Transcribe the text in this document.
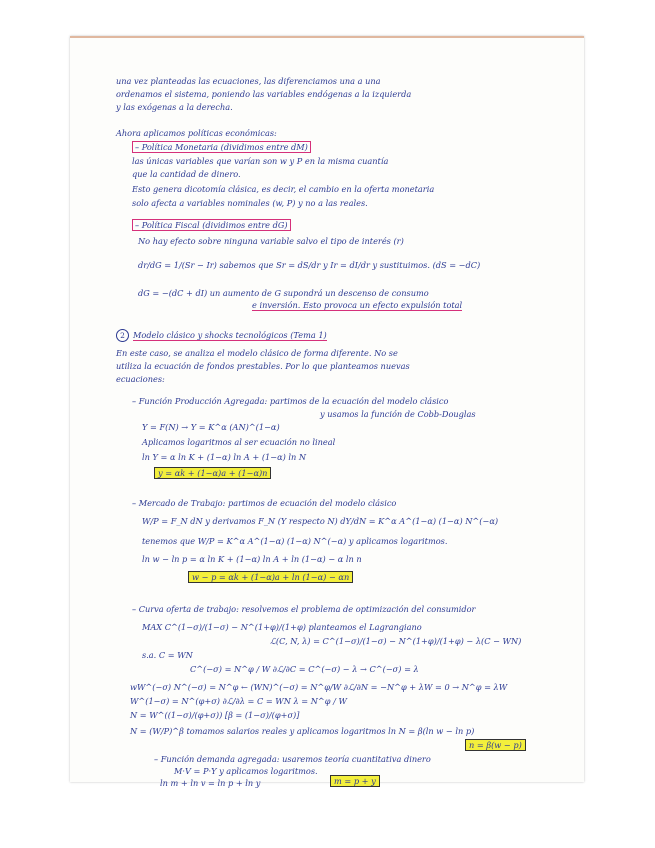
una vez planteadas las ecuaciones, las diferenciamos una a una
ordenamos el sistema, poniendo las variables endógenas a la izquierda
y las exógenas a la derecha.
Ahora aplicamos políticas económicas:
– Política Monetaria (dividimos entre dM)
las únicas variables que varían son w y P en la misma cuantía
que la cantidad de dinero.
Esto genera dicotomía clásica, es decir, el cambio en la oferta monetaria
solo afecta a variables nominales (w, P) y no a las reales.
– Política Fiscal (dividimos entre dG)
No hay efecto sobre ninguna variable salvo el tipo de interés (r)
dr/dG = 1/(Sr − Ir) sabemos que Sr = dS/dr y Ir = dI/dr y sustituimos. (dS = −dC)
dG = −(dC + dI) un aumento de G supondrá un descenso de consumo
e inversión. Esto provoca un efecto expulsión total
2 Modelo clásico y shocks tecnológicos (Tema 1)
En este caso, se analiza el modelo clásico de forma diferente. No se
utiliza la ecuación de fondos prestables. Por lo que planteamos nuevas
ecuaciones:
– Función Producción Agregada: partimos de la ecuación del modelo clásico
y usamos la función de Cobb-Douglas
Y = F(N) → Y = K^α (AN)^(1−α)
Aplicamos logaritmos al ser ecuación no lineal
ln Y = α ln K + (1−α) ln A + (1−α) ln N
y = αk + (1−α)a + (1−α)n
– Mercado de Trabajo: partimos de ecuación del modelo clásico
W/P = F_N dN y derivamos F_N (Y respecto N) dY/dN = K^α A^(1−α) (1−α) N^(−α)
tenemos que W/P = K^α A^(1−α) (1−α) N^(−α) y aplicamos logaritmos.
ln w − ln p = α ln K + (1−α) ln A + ln (1−α) − α ln n
w − p = αk + (1−α)a + ln (1−α) − αn
– Curva oferta de trabajo: resolvemos el problema de optimización del consumidor
MAX C^(1−σ)/(1−σ) − N^(1+φ)/(1+φ) planteamos el Lagrangiano
ℒ(C, N, λ) = C^(1−σ)/(1−σ) − N^(1+φ)/(1+φ) − λ(C − WN)
s.a. C = WN
C^(−σ) = N^φ / W ∂ℒ/∂C = C^(−σ) − λ → C^(−σ) = λ
wW^(−σ) N^(−σ) = N^φ ← (WN)^(−σ) = N^φ/W ∂ℒ/∂N = −N^φ + λW = 0 → N^φ = λW
W^(1−σ) = N^(φ+σ) ∂ℒ/∂λ = C = WN λ = N^φ / W
N = W^((1−σ)/(φ+σ)) [β = (1−σ)/(φ+σ)]
N = (W/P)^β tomamos salarios reales y aplicamos logaritmos ln N = β(ln w − ln p)
n = β(w − p)
– Función demanda agregada: usaremos teoría cuantitativa dinero
M·V = P·Y y aplicamos logaritmos.
ln m + ln v = ln p + ln y	m = p + y
